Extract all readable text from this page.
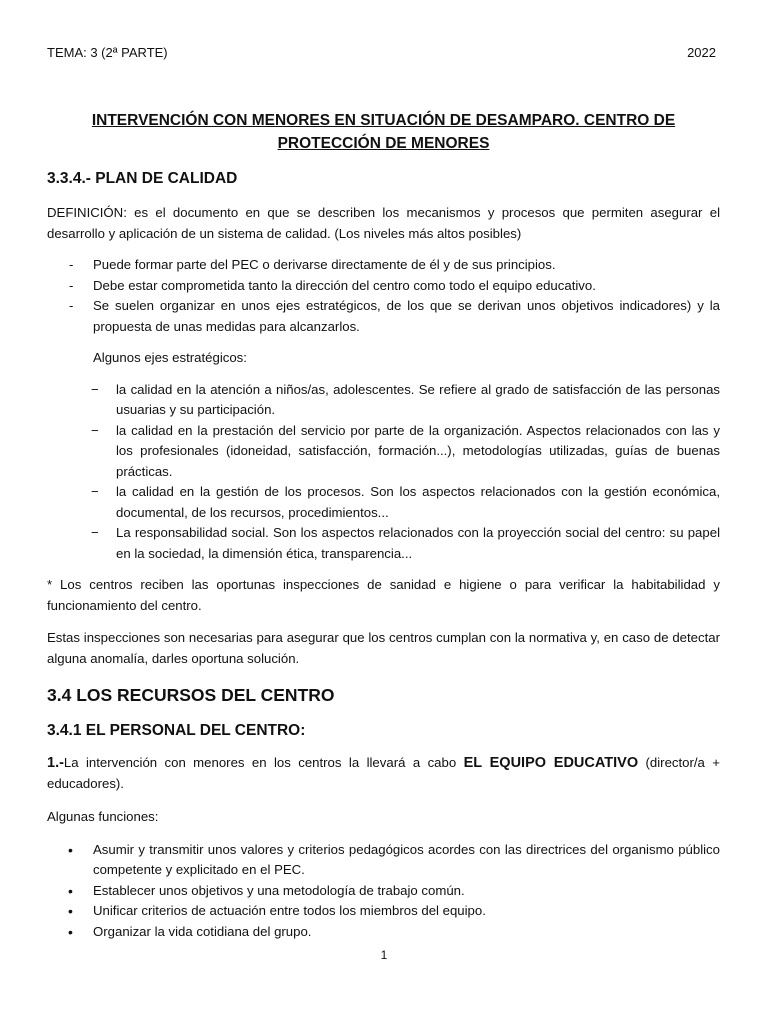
TEMA: 3 (2ª PARTE)	2022
INTERVENCIÓN CON MENORES EN SITUACIÓN DE DESAMPARO. CENTRO DE PROTECCIÓN DE MENORES
3.3.4.- PLAN DE CALIDAD

DEFINICIÓN: es el documento en que se describen los mecanismos y procesos que permiten asegurar el desarrollo y aplicación de un sistema de calidad. (Los niveles más altos posibles)

- Puede formar parte del PEC o derivarse directamente de él y de sus principios.
- Debe estar comprometida tanto la dirección del centro como todo el equipo educativo.
- Se suelen organizar en unos ejes estratégicos, de los que se derivan unos objetivos indicadores) y la propuesta de unas medidas para alcanzarlos.

Algunos ejes estratégicos:

− la calidad en la atención a niños/as, adolescentes. Se refiere al grado de satisfacción de las personas usuarias y su participación.
− la calidad en la prestación del servicio por parte de la organización. Aspectos relacionados con las y los profesionales (idoneidad, satisfacción, formación...), metodologías utilizadas, guías de buenas prácticas.
− la calidad en la gestión de los procesos. Son los aspectos relacionados con la gestión económica, documental, de los recursos, procedimientos...
− La responsabilidad social. Son los aspectos relacionados con la proyección social del centro: su papel en la sociedad, la dimensión ética, transparencia...

* Los centros reciben las oportunas inspecciones de sanidad e higiene o para verificar la habitabilidad y funcionamiento del centro.

Estas inspecciones son necesarias para asegurar que los centros cumplan con la normativa y, en caso de detectar alguna anomalía, darles oportuna solución.

3.4 LOS RECURSOS DEL CENTRO
3.4.1 EL PERSONAL DEL CENTRO:

1.-La intervención con menores en los centros la llevará a cabo EL EQUIPO EDUCATIVO (director/a + educadores).

Algunas funciones:

• Asumir y transmitir unos valores y criterios pedagógicos acordes con las directrices del organismo público competente y explicitado en el PEC.
• Establecer unos objetivos y una metodología de trabajo común.
• Unificar criterios de actuación entre todos los miembros del equipo.
• Organizar la vida cotidiana del grupo.
1
